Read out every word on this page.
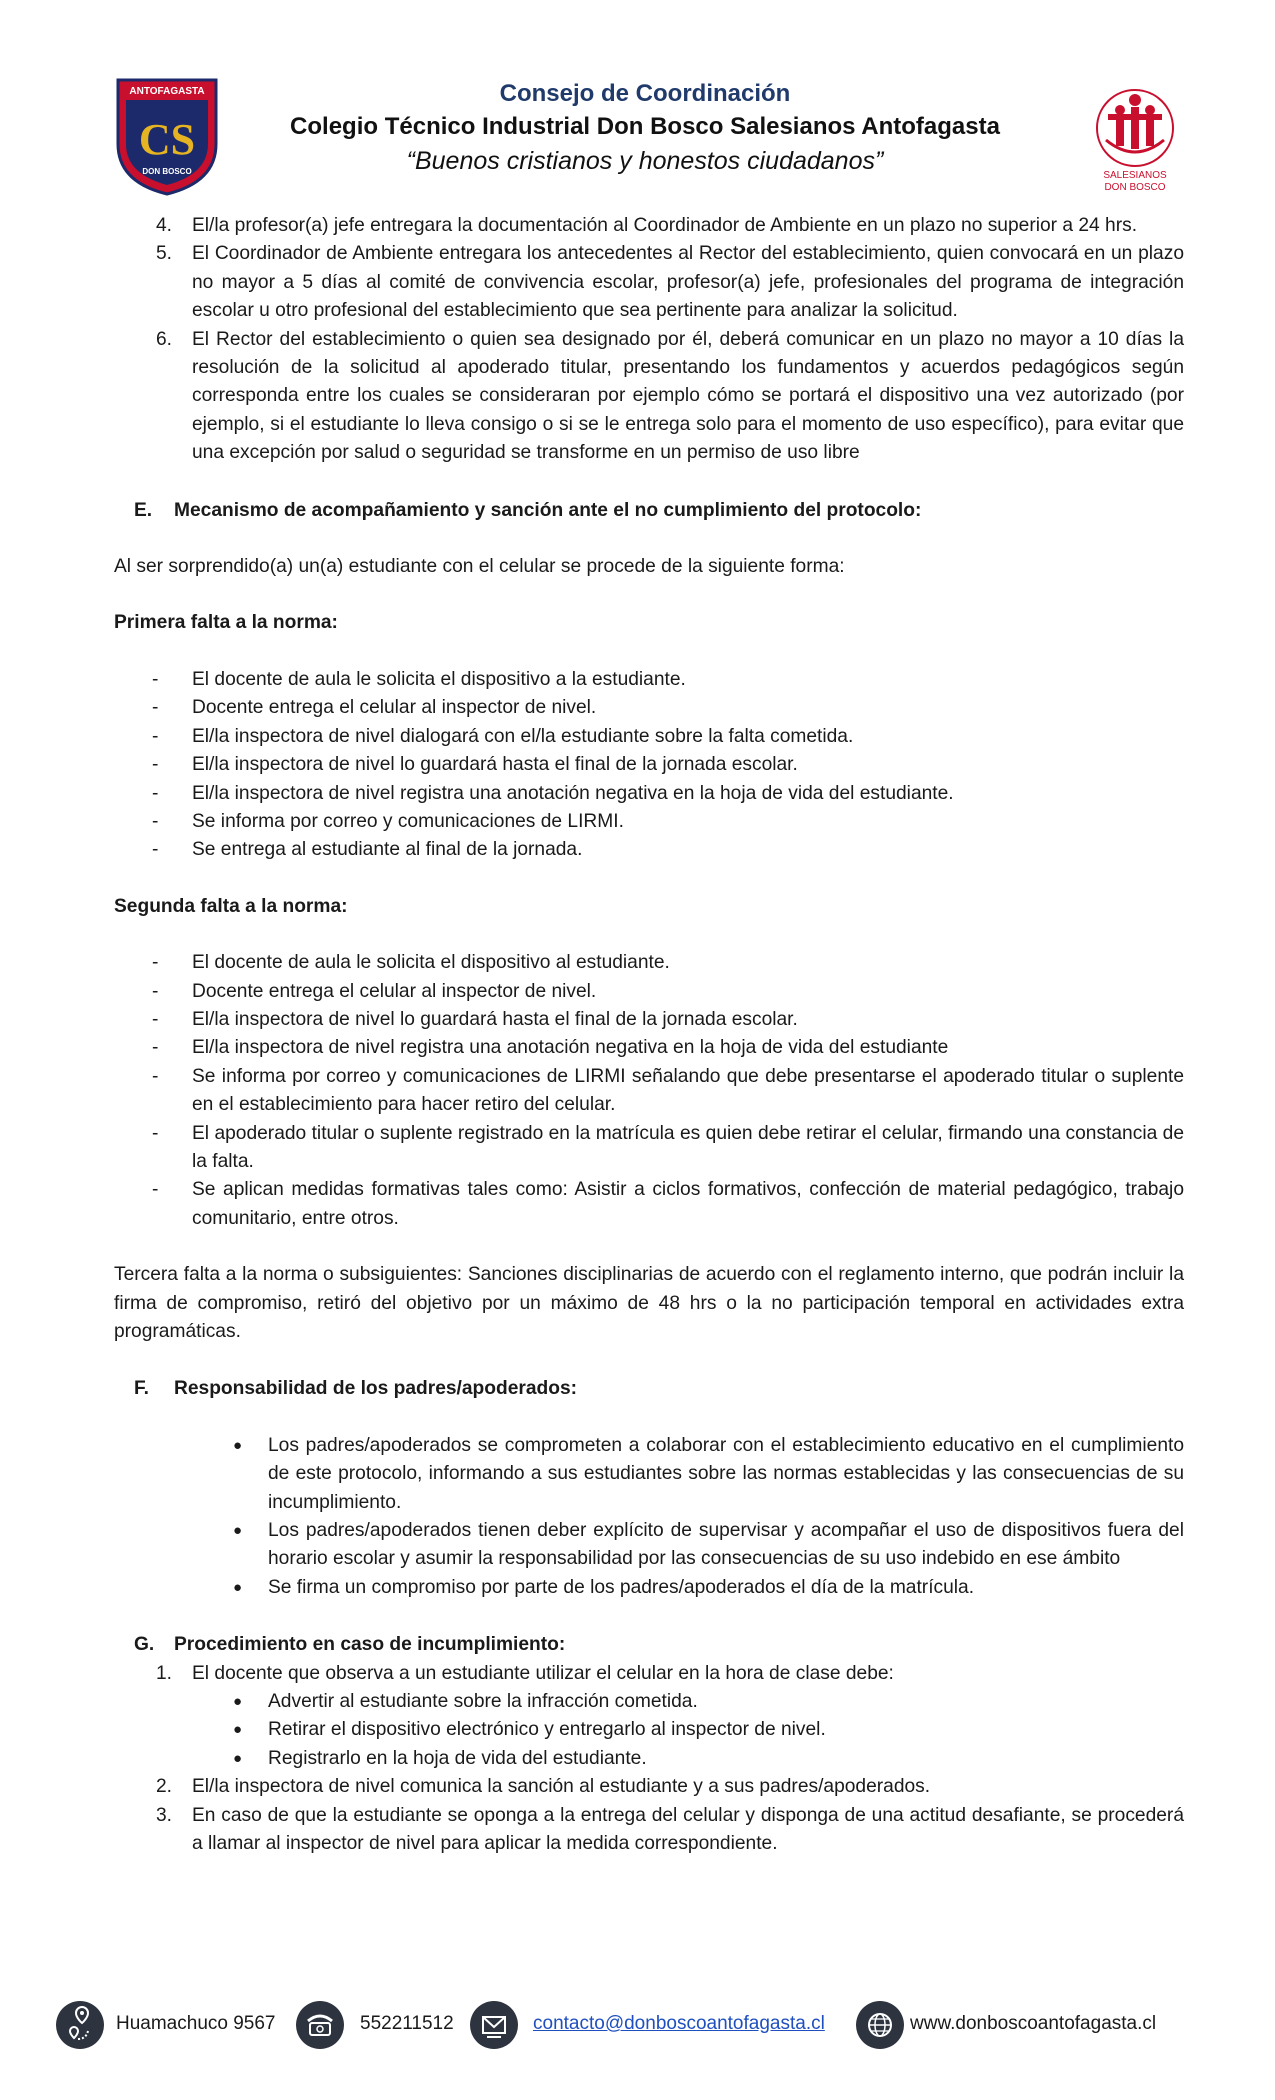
ANTOFAGASTA
CS
DON BOSCO
Consejo de Coordinación
Colegio Técnico Industrial Don Bosco Salesianos Antofagasta
“Buenos cristianos y honestos ciudadanos”
SALESIANOS
DON BOSCO
4.	El/la profesor(a) jefe entregara la documentación al Coordinador de Ambiente en un plazo no superior a 24 hrs.
5.	El Coordinador de Ambiente entregara los antecedentes al Rector del establecimiento, quien convocará en un plazo no mayor a 5 días al comité de convivencia escolar, profesor(a) jefe, profesionales del programa de integración escolar u otro profesional del establecimiento que sea pertinente para analizar la solicitud.
6.	El Rector del establecimiento o quien sea designado por él, deberá comunicar en un plazo no mayor a 10 días la resolución de la solicitud al apoderado titular, presentando los fundamentos y acuerdos pedagógicos según corresponda entre los cuales se consideraran por ejemplo cómo se portará el dispositivo una vez autorizado (por ejemplo, si el estudiante lo lleva consigo o si se le entrega solo para el momento de uso específico), para evitar que una excepción por salud o seguridad se transforme en un permiso de uso libre
E.	Mecanismo de acompañamiento y sanción ante el no cumplimiento del protocolo:
Al ser sorprendido(a) un(a) estudiante con el celular se procede de la siguiente forma:
Primera falta a la norma:
-	El docente de aula le solicita el dispositivo a la estudiante.
-	Docente entrega el celular al inspector de nivel.
-	El/la inspectora de nivel dialogará con el/la estudiante sobre la falta cometida.
-	El/la inspectora de nivel lo guardará hasta el final de la jornada escolar.
-	El/la inspectora de nivel registra una anotación negativa en la hoja de vida del estudiante.
-	Se informa por correo y comunicaciones de LIRMI.
-	Se entrega al estudiante al final de la jornada.
Segunda falta a la norma:
-	El docente de aula le solicita el dispositivo al estudiante.
-	Docente entrega el celular al inspector de nivel.
-	El/la inspectora de nivel lo guardará hasta el final de la jornada escolar.
-	El/la inspectora de nivel registra una anotación negativa en la hoja de vida del estudiante
-	Se informa por correo y comunicaciones de LIRMI señalando que debe presentarse el apoderado titular o suplente en el establecimiento para hacer retiro del celular.
-	El apoderado titular o suplente registrado en la matrícula es quien debe retirar el celular, firmando una constancia de la falta.
-	Se aplican medidas formativas tales como: Asistir a ciclos formativos, confección de material pedagógico, trabajo comunitario, entre otros.
Tercera falta a la norma o subsiguientes: Sanciones disciplinarias de acuerdo con el reglamento interno, que podrán incluir la firma de compromiso, retiró del objetivo por un máximo de 48 hrs o la no participación temporal en actividades extra programáticas.
F.	Responsabilidad de los padres/apoderados:
●	Los padres/apoderados se comprometen a colaborar con el establecimiento educativo en el cumplimiento de este protocolo, informando a sus estudiantes sobre las normas establecidas y las consecuencias de su incumplimiento.
●	Los padres/apoderados tienen deber explícito de supervisar y acompañar el uso de dispositivos fuera del horario escolar y asumir la responsabilidad por las consecuencias de su uso indebido en ese ámbito
●	Se firma un compromiso por parte de los padres/apoderados el día de la matrícula.
G.	Procedimiento en caso de incumplimiento:
1.	El docente que observa a un estudiante utilizar el celular en la hora de clase debe:
●	Advertir al estudiante sobre la infracción cometida.
●	Retirar el dispositivo electrónico y entregarlo al inspector de nivel.
●	Registrarlo en la hoja de vida del estudiante.
2.	El/la inspectora de nivel comunica la sanción al estudiante y a sus padres/apoderados.
3.	En caso de que la estudiante se oponga a la entrega del celular y disponga de una actitud desafiante, se procederá a llamar al inspector de nivel para aplicar la medida correspondiente.
Huamachuco 9567	552211512	contacto@donboscoantofagasta.cl	www.donboscoantofagasta.cl
